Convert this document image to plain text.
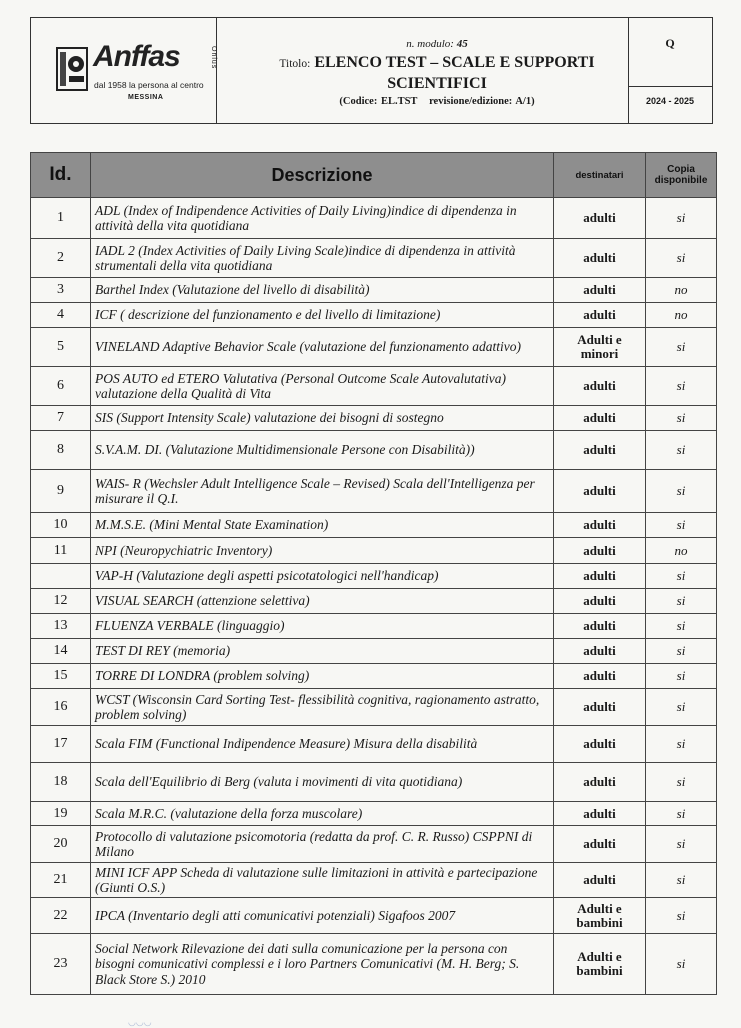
Anffas	Onlus
dal 1958 la persona al centro
MESSINA
n. modulo: 45
Titolo: ELENCO TEST – SCALE E SUPPORTI
SCIENTIFICI
(Codice: EL.TST revisione/edizione: A/1)
Q
2024 - 2025
Id.	Descrizione	destinatari	Copia disponibile
1	ADL (Index of Indipendence Activities of Daily Living)indice di dipendenza in attività della vita quotidiana	adulti	si
2	IADL 2 (Index Activities of Daily Living Scale)indice di dipendenza in attività strumentali della vita quotidiana	adulti	si
3	Barthel Index (Valutazione del livello di disabilità)	adulti	no
4	ICF ( descrizione del funzionamento e del livello di limitazione)	adulti	no
5	VINELAND Adaptive Behavior Scale (valutazione del funzionamento adattivo)	Adulti e minori	si
6	POS AUTO ed ETERO Valutativa (Personal Outcome Scale Autovalutativa) valutazione della Qualità di Vita	adulti	si
7	SIS (Support Intensity Scale) valutazione dei bisogni di sostegno	adulti	si
8	S.V.A.M. DI. (Valutazione Multidimensionale Persone con Disabilità))	adulti	si
9	WAIS- R (Wechsler Adult Intelligence Scale – Revised) Scala dell'Intelligenza per misurare il Q.I.	adulti	si
10	M.M.S.E. (Mini Mental State Examination)	adulti	si
11	NPI (Neuropychiatric Inventory)	adulti	no
	VAP-H (Valutazione degli aspetti psicotatologici nell'handicap)	adulti	si
12	VISUAL SEARCH (attenzione selettiva)	adulti	si
13	FLUENZA VERBALE (linguaggio)	adulti	si
14	TEST DI REY (memoria)	adulti	si
15	TORRE DI LONDRA (problem solving)	adulti	si
16	WCST (Wisconsin Card Sorting Test- flessibilità cognitiva, ragionamento astratto, problem solving)	adulti	si
17	Scala FIM (Functional Indipendence Measure) Misura della disabilità	adulti	si
18	Scala dell'Equilibrio di Berg (valuta i movimenti di vita quotidiana)	adulti	si
19	Scala M.R.C. (valutazione della forza muscolare)	adulti	si
20	Protocollo di valutazione psicomotoria (redatta da prof. C. R. Russo) CSPPNI di Milano	adulti	si
21	MINI ICF APP Scheda di valutazione sulle limitazioni in attività e partecipazione (Giunti O.S.)	adulti	si
22	IPCA (Inventario degli atti comunicativi potenziali) Sigafoos 2007	Adulti e bambini	si
23	Social Network Rilevazione dei dati sulla comunicazione per la persona con bisogni comunicativi complessi e i loro Partners Comunicativi (M. H. Berg; S. Black Store S.) 2010	Adulti e bambini	si
◡◡◡
